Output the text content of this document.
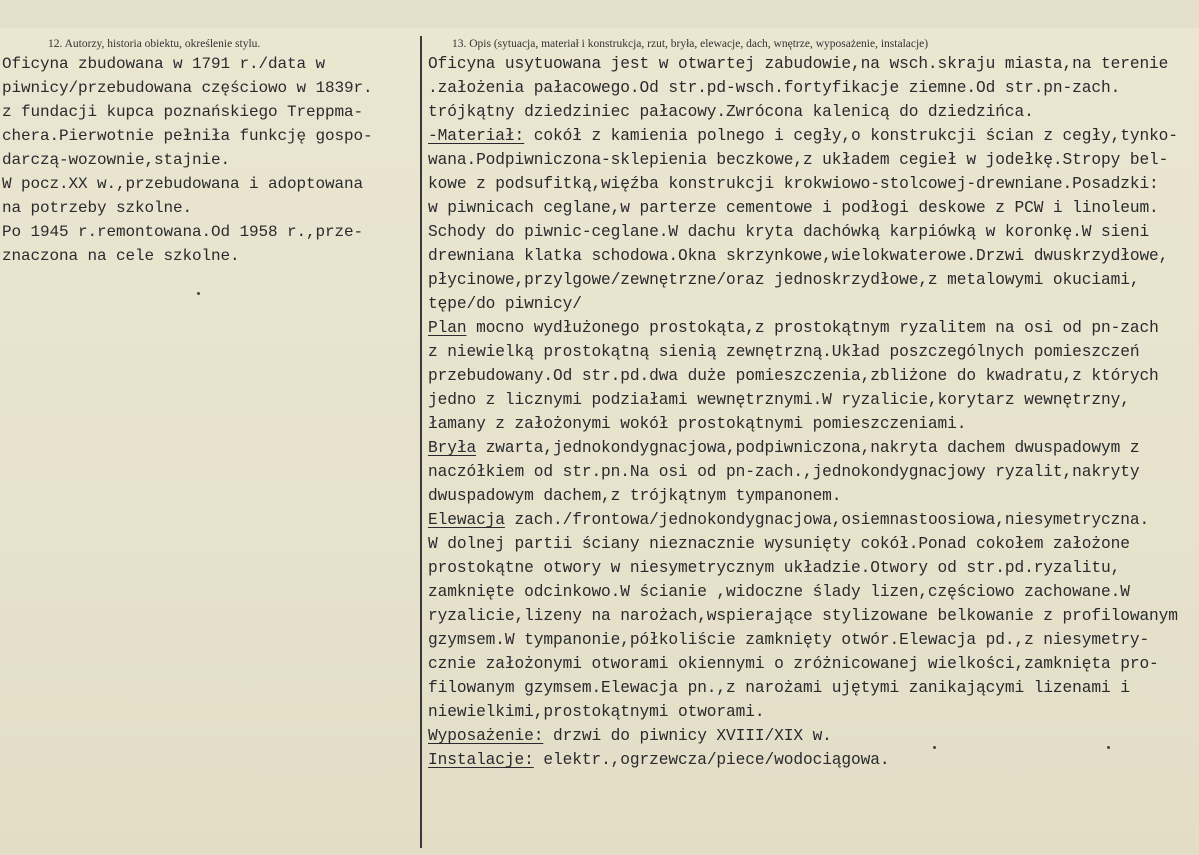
12. Autorzy, historia obiektu, określenie stylu.	13. Opis (sytuacja, materiał i konstrukcja, rzut, bryła, elewacje, dach, wnętrze, wyposażenie, instalacje)
Oficyna zbudowana w 1791 r./data w
piwnicy/przebudowana częściowo w 1839r.
z fundacji kupca poznańskiego Treppma-
chera.Pierwotnie pełniła funkcję gospo-
darczą-wozownie,stajnie.
W pocz.XX w.,przebudowana i adoptowana
na potrzeby szkolne.
Po 1945 r.remontowana.Od 1958 r.,prze-
znaczona na cele szkolne.
Oficyna usytuowana jest w otwartej zabudowie,na wsch.skraju miasta,na terenie
.założenia pałacowego.Od str.pd-wsch.fortyfikacje ziemne.Od str.pn-zach.
trójkątny dziedziniec pałacowy.Zwrócona kalenicą do dziedzińca.
-Materiał: cokół z kamienia polnego i cegły,o konstrukcji ścian z cegły,tynko-
wana.Podpiwniczona-sklepienia beczkowe,z układem cegieł w jodełkę.Stropy bel-
kowe z podsufitką,więźba konstrukcji krokwiowo-stolcowej-drewniane.Posadzki:
w piwnicach ceglane,w parterze cementowe i podłogi deskowe z PCW i linoleum.
Schody do piwnic-ceglane.W dachu kryta dachówką karpiówką w koronkę.W sieni
drewniana klatka schodowa.Okna skrzynkowe,wielokwaterowe.Drzwi dwuskrzydłowe,
płycinowe,przylgowe/zewnętrzne/oraz jednoskrzydłowe,z metalowymi okuciami,
tępe/do piwnicy/
Plan mocno wydłużonego prostokąta,z prostokątnym ryzalitem na osi od pn-zach
z niewielką prostokątną sienią zewnętrzną.Układ poszczególnych pomieszczeń
przebudowany.Od str.pd.dwa duże pomieszczenia,zbliżone do kwadratu,z których
jedno z licznymi podziałami wewnętrznymi.W ryzalicie,korytarz wewnętrzny,
łamany z założonymi wokół prostokątnymi pomieszczeniami.
Bryła zwarta,jednokondygnacjowa,podpiwniczona,nakryta dachem dwuspadowym z
naczółkiem od str.pn.Na osi od pn-zach.,jednokondygnacjowy ryzalit,nakryty
dwuspadowym dachem,z trójkątnym tympanonem.
Elewacja zach./frontowa/jednokondygnacjowa,osiemnastoosiowa,niesymetryczna.
W dolnej partii ściany nieznacznie wysunięty cokół.Ponad cokołem założone
prostokątne otwory w niesymetrycznym układzie.Otwory od str.pd.ryzalitu,
zamknięte odcinkowo.W ścianie ,widoczne ślady lizen,częściowo zachowane.W
ryzalicie,lizeny na narożach,wspierające stylizowane belkowanie z profilowanym
gzymsem.W tympanonie,półkoliście zamknięty otwór.Elewacja pd.,z niesymetry-
cznie założonymi otworami okiennymi o zróżnicowanej wielkości,zamknięta pro-
filowanym gzymsem.Elewacja pn.,z narożami ujętymi zanikającymi lizenami i
niewielkimi,prostokątnymi otworami.
Wyposażenie: drzwi do piwnicy XVIII/XIX w.
Instalacje: elektr.,ogrzewcza/piece/wodociągowa.
